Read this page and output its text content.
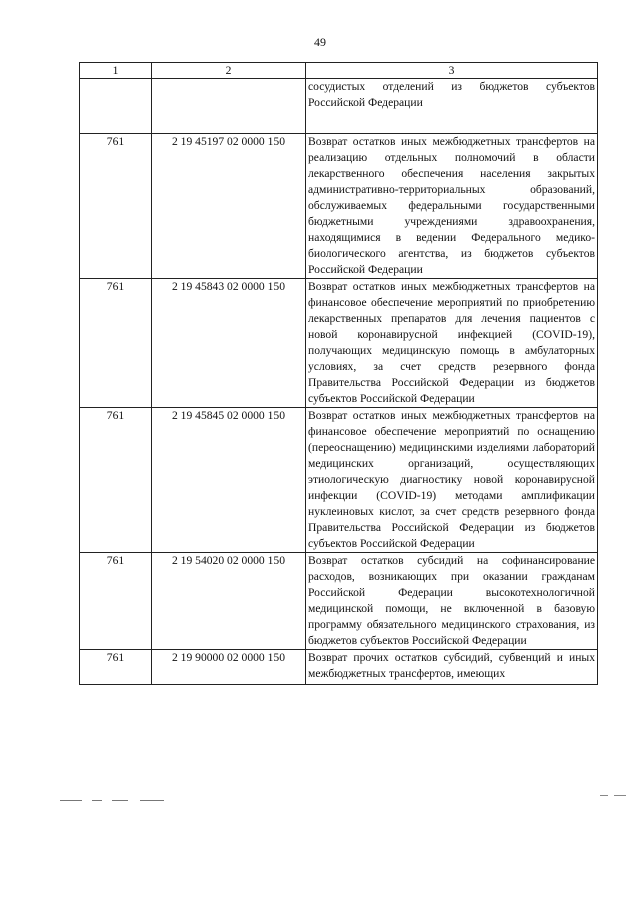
49
1	2	3
		сосудистых отделений из бюджетов субъектов Российской Федерации
761	2 19 45197 02 0000 150	Возврат остатков иных межбюджетных трансфертов на реализацию отдельных полномочий в области лекарственного обеспечения населения закрытых административно-территориальных образований, обслуживаемых федеральными государственными бюджетными учреждениями здравоохранения, находящимися в ведении Федерального медико-биологического агентства, из бюджетов субъектов Российской Федерации
761	2 19 45843 02 0000 150	Возврат остатков иных межбюджетных трансфертов на финансовое обеспечение мероприятий по приобретению лекарственных препаратов для лечения пациентов с новой коронавирусной инфекцией (COVID-19), получающих медицинскую помощь в амбулаторных условиях, за счет средств резервного фонда Правительства Российской Федерации из бюджетов субъектов Российской Федерации
761	2 19 45845 02 0000 150	Возврат остатков иных межбюджетных трансфертов на финансовое обеспечение мероприятий по оснащению (переоснащению) медицинскими изделиями лабораторий медицинских организаций, осуществляющих этиологическую диагностику новой коронавирусной инфекции (COVID-19) методами амплификации нуклеиновых кислот, за счет средств резервного фонда Правительства Российской Федерации из бюджетов субъектов Российской Федерации
761	2 19 54020 02 0000 150	Возврат остатков субсидий на софинансирование расходов, возникающих при оказании гражданам Российской Федерации высокотехнологичной медицинской помощи, не включенной в базовую программу обязательного медицинского страхования, из бюджетов субъектов Российской Федерации
761	2 19 90000 02 0000 150	Возврат прочих остатков субсидий, субвенций и иных межбюджетных трансфертов, имеющих
